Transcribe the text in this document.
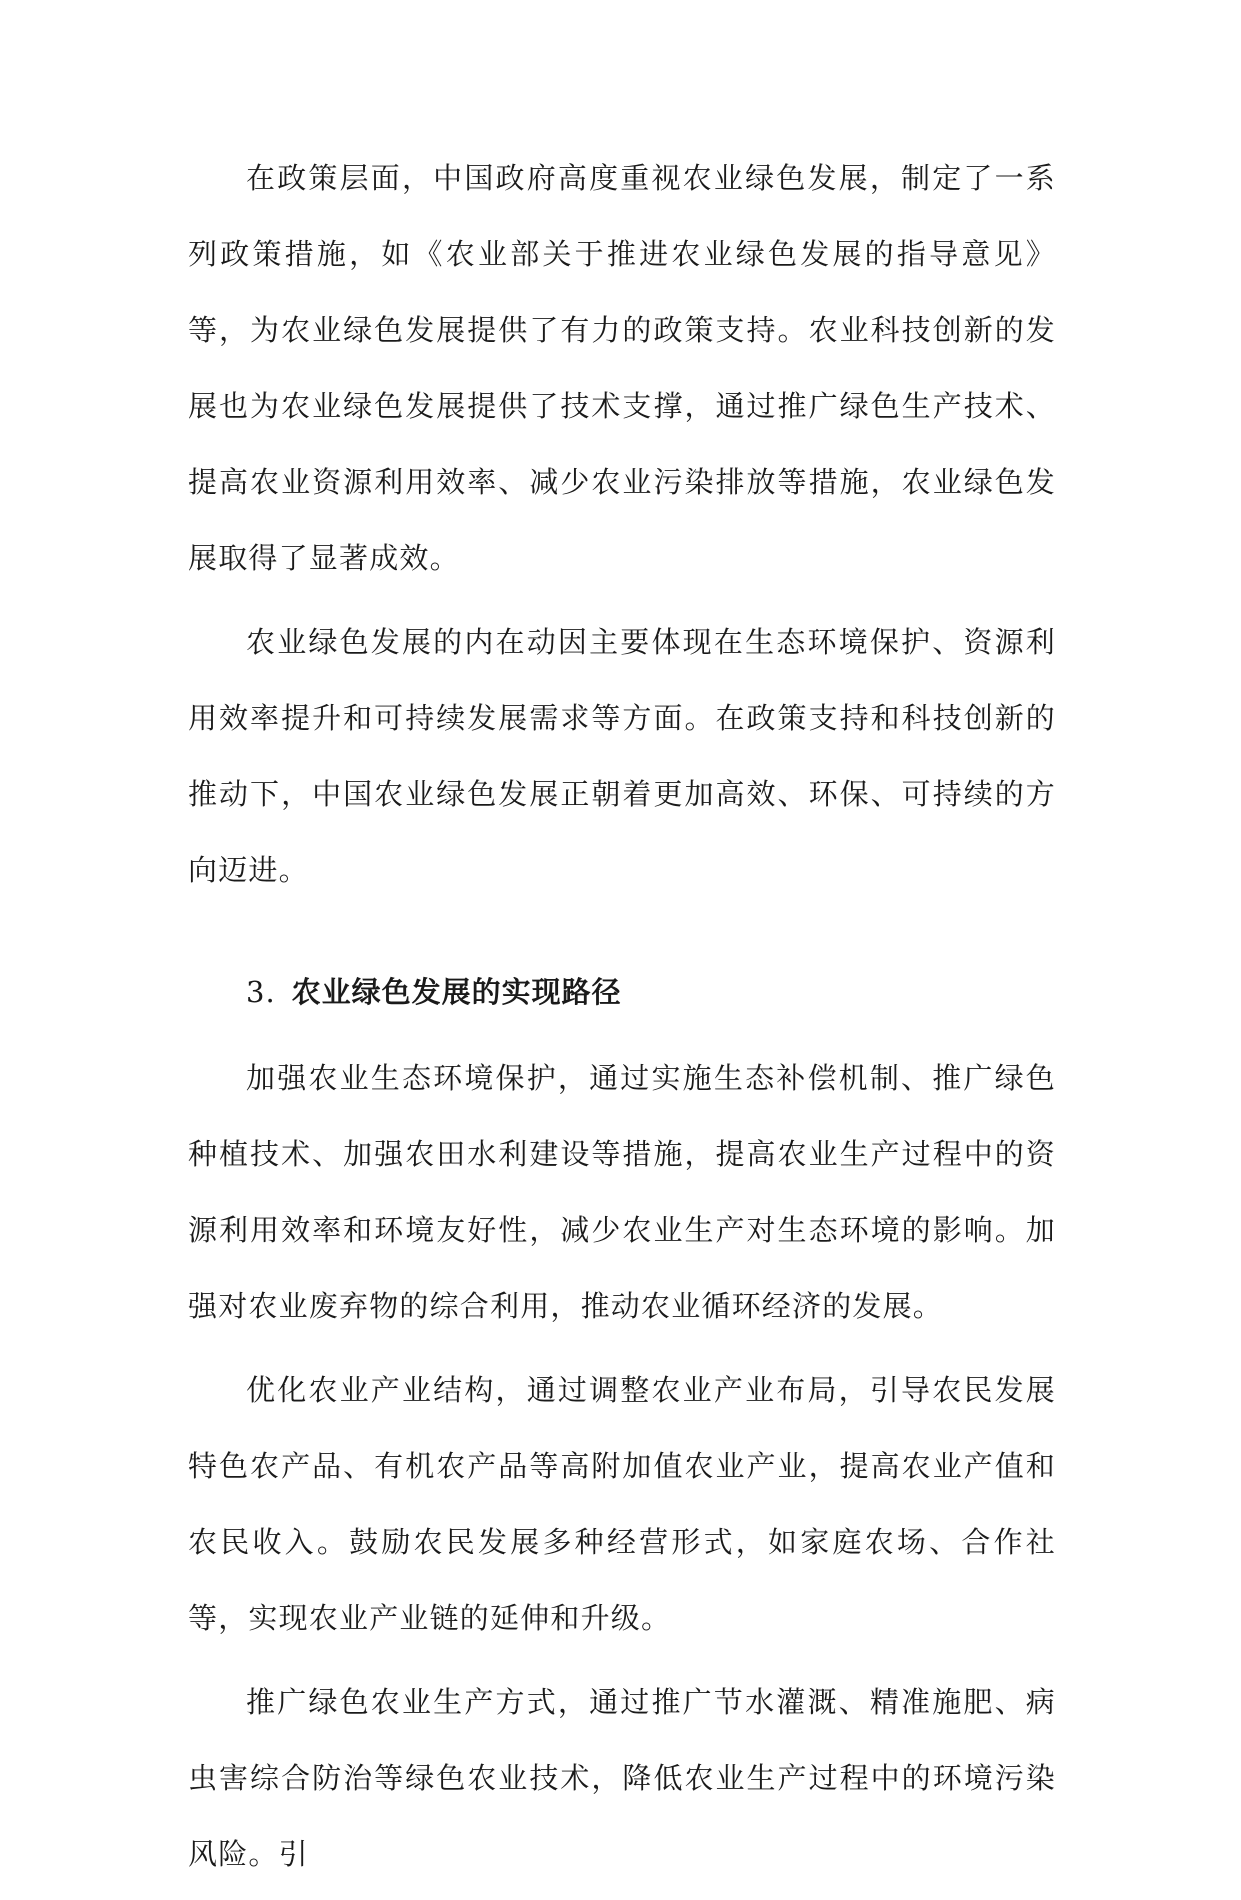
在政策层面，中国政府高度重视农业绿色发展，制定了一系列政策措施，如《农业部关于推进农业绿色发展的指导意见》等，为农业绿色发展提供了有力的政策支持。农业科技创新的发展也为农业绿色发展提供了技术支撑，通过推广绿色生产技术、提高农业资源利用效率、减少农业污染排放等措施，农业绿色发展取得了显著成效。

农业绿色发展的内在动因主要体现在生态环境保护、资源利用效率提升和可持续发展需求等方面。在政策支持和科技创新的推动下，中国农业绿色发展正朝着更加高效、环保、可持续的方向迈进。

3. 农业绿色发展的实现路径

加强农业生态环境保护，通过实施生态补偿机制、推广绿色种植技术、加强农田水利建设等措施，提高农业生产过程中的资源利用效率和环境友好性，减少农业生产对生态环境的影响。加强对农业废弃物的综合利用，推动农业循环经济的发展。

优化农业产业结构，通过调整农业产业布局，引导农民发展特色农产品、有机农产品等高附加值农业产业，提高农业产值和农民收入。鼓励农民发展多种经营形式，如家庭农场、合作社等，实现农业产业链的延伸和升级。

推广绿色农业生产方式，通过推广节水灌溉、精准施肥、病虫害综合防治等绿色农业技术，降低农业生产过程中的环境污染风险。引
